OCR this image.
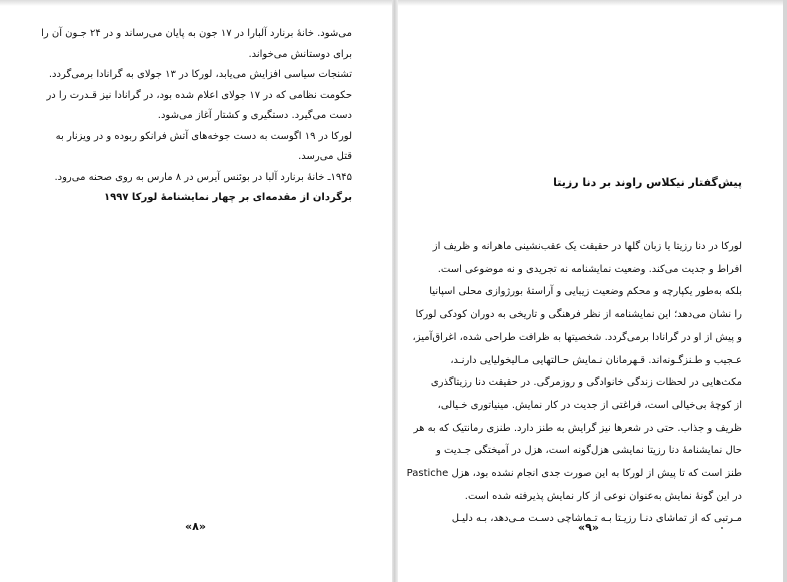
می‌شود. خانهٔ برنارد آلبارا در ۱۷ جون به پایان می‌رساند و در ۲۴ جـون آن را
برای دوستانش می‌خواند.
تشنجات سیاسی افزایش می‌یابد، لورکا در ۱۳ جولای به گرانادا برمی‌گردد.
حکومت نظامی که در ۱۷ جولای اعلام شده بود، در گرانادا نیز قـدرت را در
دست می‌گیرد. دستگیری و کشتار آغاز می‌شود.
لورکا در ۱۹ اگوست به دست جوخه‌های آتش فرانکو ربوده و در ویزنار به
قتل می‌رسد.
۱۹۴۵ـ خانهٔ برنارد آلبا در بوئنس آیرس در ۸ مارس به روی صحنه می‌رود.
برگردان از مقدمه‌ای بر چهار نمایشنامهٔ لورکا ۱۹۹۷
«۸»
پیش‌گفتار نیکلاس راوند بر دنا رزیتا
لورکا در دنا رزیتا یا زبان گلها در حقیقت یک عقب‌نشینی ماهرانه و ظریف از
افراط و جدیت می‌کند. وضعیت نمایشنامه نه تجریدی و نه موضوعی است.
بلکه به‌طور یکپارچه و محکم وضعیت زیبایی و آراستهٔ بورژوازی محلی اسپانیا
را نشان می‌دهد؛ این نمایشنامه از نظر فرهنگی و تاریخی به دوران کودکی لورکا
و پیش از او در گرانادا برمی‌گردد. شخصیتها به ظرافت طراحی شده، اغراق‌آمیز،
عـجیب و طـنزگـونه‌اند. قـهرمانان نـمایش حـالتهایی مـالیخولیایی دارنـد،
مکث‌هایی در لحظات زندگی خانوادگی و روزمرگی. در حقیقت دنا رزیتاگذری
از کوچهٔ بی‌خیالی است، فراغتی از جدیت در کار نمایش. مینیاتوری خـیالی،
ظریف و جذاب. حتی در شعرها نیز گرایش به طنز دارد. طنزی رمانتیک که به هر
حال نمایشنامهٔ دنا رزیتا نمایشی هزل‌گونه است، هزل در آمیختگی جـدیت و
طنز است که تا پیش از لورکا به این صورت جدی انجام نشده بود، هزل Pastiche
در این گونهٔ نمایش به‌عنوان نوعی از کار نمایش پذیرفته شده است.
مـرتبی که از تماشای دنـا رزیـتا بـه تـماشاچی دسـت مـی‌دهد، بـه دلیـل
«۹»
